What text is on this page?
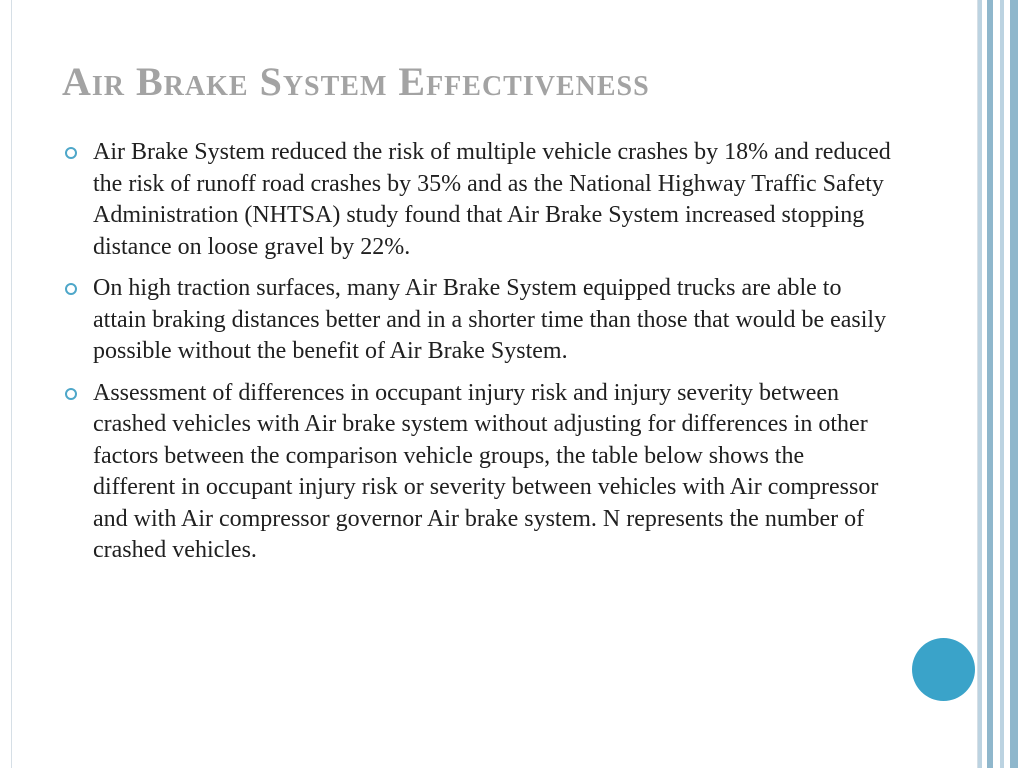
Air Brake System Effectiveness
Air Brake System reduced the risk of multiple vehicle crashes by 18% and reduced the risk of runoff road crashes by 35% and as the National Highway Traffic Safety Administration (NHTSA) study found that Air Brake System increased stopping distance on loose gravel by 22%.
On high traction surfaces, many Air Brake System equipped trucks are able to attain braking distances better and in a shorter time than those that would be easily possible without the benefit of Air Brake System.
Assessment of differences in occupant injury risk and injury severity between crashed vehicles with Air brake system without adjusting for differences in other factors between the comparison vehicle groups, the table below shows the different in occupant injury risk or severity between vehicles with Air compressor and with Air compressor governor Air brake system. N represents the number of crashed vehicles.
